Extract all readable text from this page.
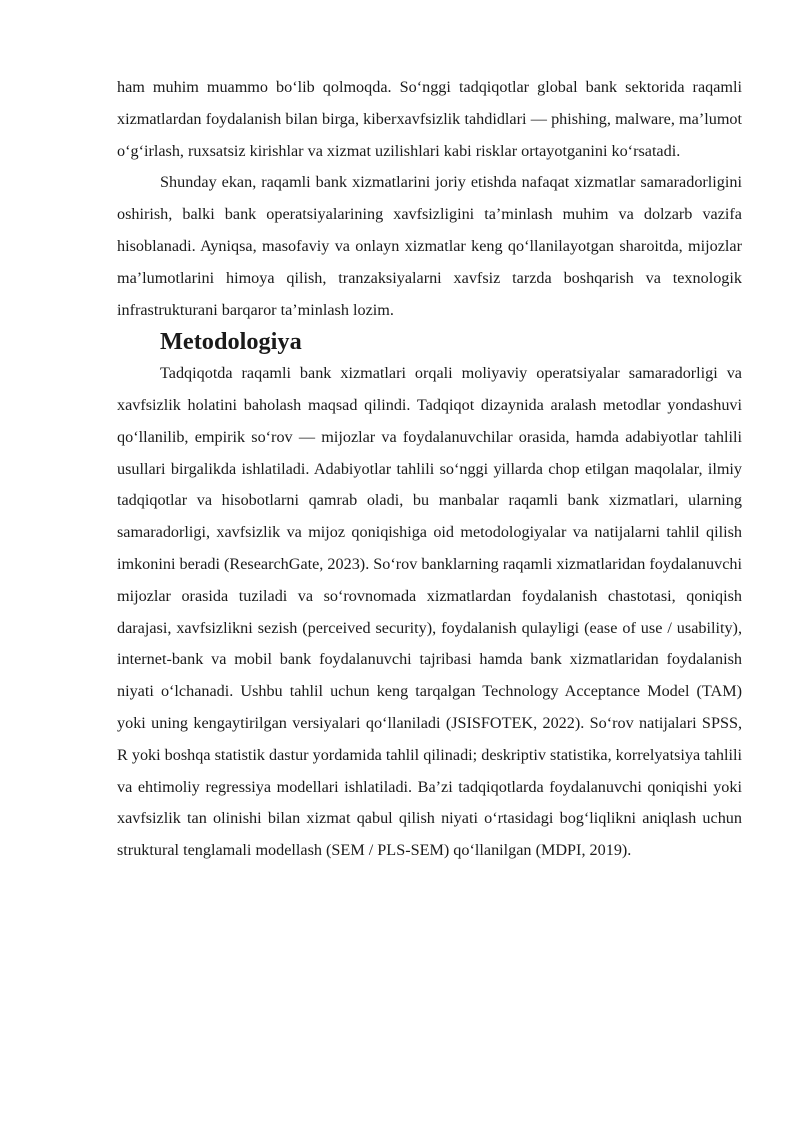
ham muhim muammo bo‘lib qolmoqda. So‘nggi tadqiqotlar global bank sektorida raqamli xizmatlardan foydalanish bilan birga, kiberxavfsizlik tahdidlari — phishing, malware, ma’lumot o‘g‘irlash, ruxsatsiz kirishlar va xizmat uzilishlari kabi risklar ortayotganini ko‘rsatadi.

Shunday ekan, raqamli bank xizmatlarini joriy etishda nafaqat xizmatlar samaradorligini oshirish, balki bank operatsiyalarining xavfsizligini ta’minlash muhim va dolzarb vazifa hisoblanadi. Ayniqsa, masofaviy va onlayn xizmatlar keng qo‘llanilayotgan sharoitda, mijozlar ma’lumotlarini himoya qilish, tranzaksiyalarni xavfsiz tarzda boshqarish va texnologik infrastrukturani barqaror ta’minlash lozim.

Metodologiya

Tadqiqotda raqamli bank xizmatlari orqali moliyaviy operatsiyalar samaradorligi va xavfsizlik holatini baholash maqsad qilindi. Tadqiqot dizaynida aralash metodlar yondashuvi qo‘llanilib, empirik so‘rov — mijozlar va foydalanuvchilar orasida, hamda adabiyotlar tahlili usullari birgalikda ishlatiladi. Adabiyotlar tahlili so‘nggi yillarda chop etilgan maqolalar, ilmiy tadqiqotlar va hisobotlarni qamrab oladi, bu manbalar raqamli bank xizmatlari, ularning samaradorligi, xavfsizlik va mijoz qoniqishiga oid metodologiyalar va natijalarni tahlil qilish imkonini beradi (ResearchGate, 2023). So‘rov banklarning raqamli xizmatlaridan foydalanuvchi mijozlar orasida tuziladi va so‘rovnomada xizmatlardan foydalanish chastotasi, qoniqish darajasi, xavfsizlikni sezish (perceived security), foydalanish qulayligi (ease of use / usability), internet-bank va mobil bank foydalanuvchi tajribasi hamda bank xizmatlaridan foydalanish niyati o‘lchanadi. Ushbu tahlil uchun keng tarqalgan Technology Acceptance Model (TAM) yoki uning kengaytirilgan versiyalari qo‘llaniladi (JSISFOTEK, 2022). So‘rov natijalari SPSS, R yoki boshqa statistik dastur yordamida tahlil qilinadi; deskriptiv statistika, korrelyatsiya tahlili va ehtimoliy regressiya modellari ishlatiladi. Ba’zi tadqiqotlarda foydalanuvchi qoniqishi yoki xavfsizlik tan olinishi bilan xizmat qabul qilish niyati o‘rtasidagi bog‘liqlikni aniqlash uchun struktural tenglamali modellash (SEM / PLS-SEM) qo‘llanilgan (MDPI, 2019).
